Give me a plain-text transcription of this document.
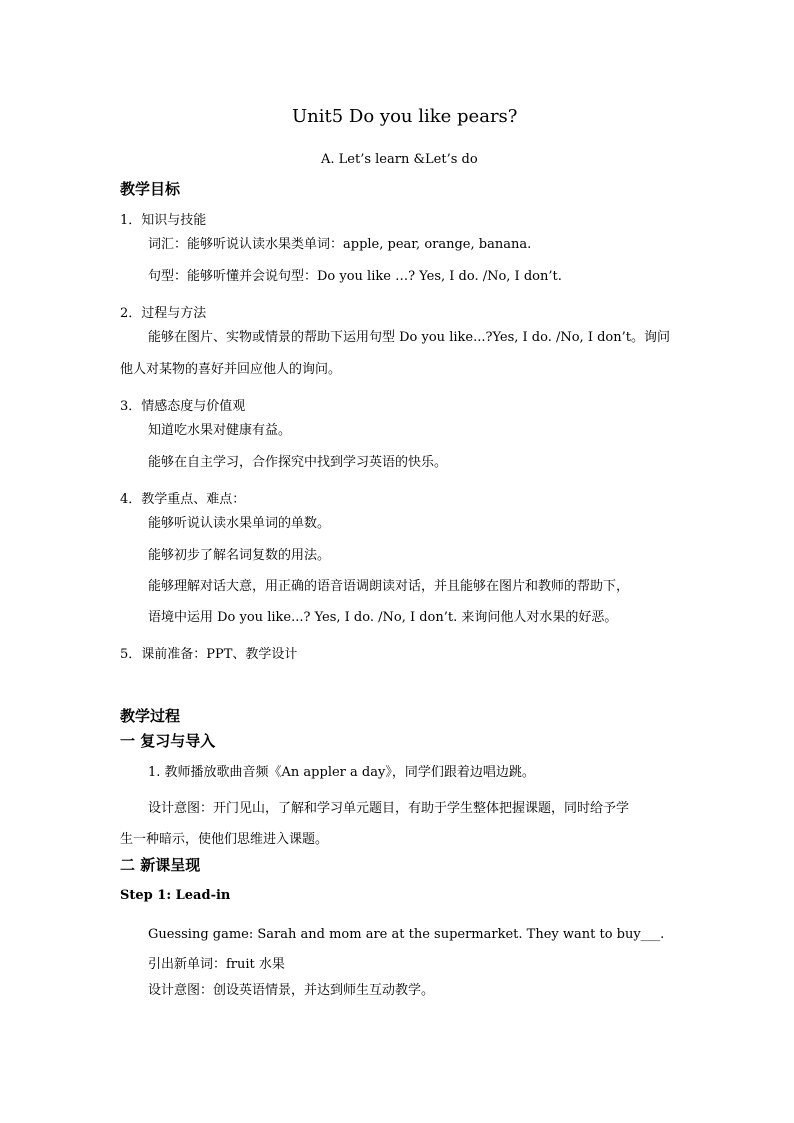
Unit5 Do you like pears?
A. Let’s learn &Let’s do
教学目标
1．知识与技能
词汇：能够听说认读水果类单词：apple, pear, orange, banana.
句型：能够听懂并会说句型：Do you like …? Yes, I do. /No, I don’t.
2．过程与方法
能够在图片、实物或情景的帮助下运用句型 Do you like...?Yes, I do. /No, I don’t。询问
他人对某物的喜好并回应他人的询问。
3．情感态度与价值观
知道吃水果对健康有益。
能够在自主学习，合作探究中找到学习英语的快乐。
4．教学重点、难点：
能够听说认读水果单词的单数。
能够初步了解名词复数的用法。
能够理解对话大意，用正确的语音语调朗读对话，并且能够在图片和教师的帮助下，
语境中运用 Do you like...? Yes, I do. /No, I don’t. 来询问他人对水果的好恶。
5．课前准备：PPT、教学设计
教学过程
一 复习与导入
1. 教师播放歌曲音频《An appler a day》，同学们跟着边唱边跳。
设计意图：开门见山，了解和学习单元题目，有助于学生整体把握课题，同时给予学
生一种暗示，使他们思维进入课题。
二 新课呈现
Step 1: Lead-in
Guessing game: Sarah and mom are at the supermarket. They want to buy___.
引出新单词：fruit 水果
设计意图：创设英语情景，并达到师生互动教学。
